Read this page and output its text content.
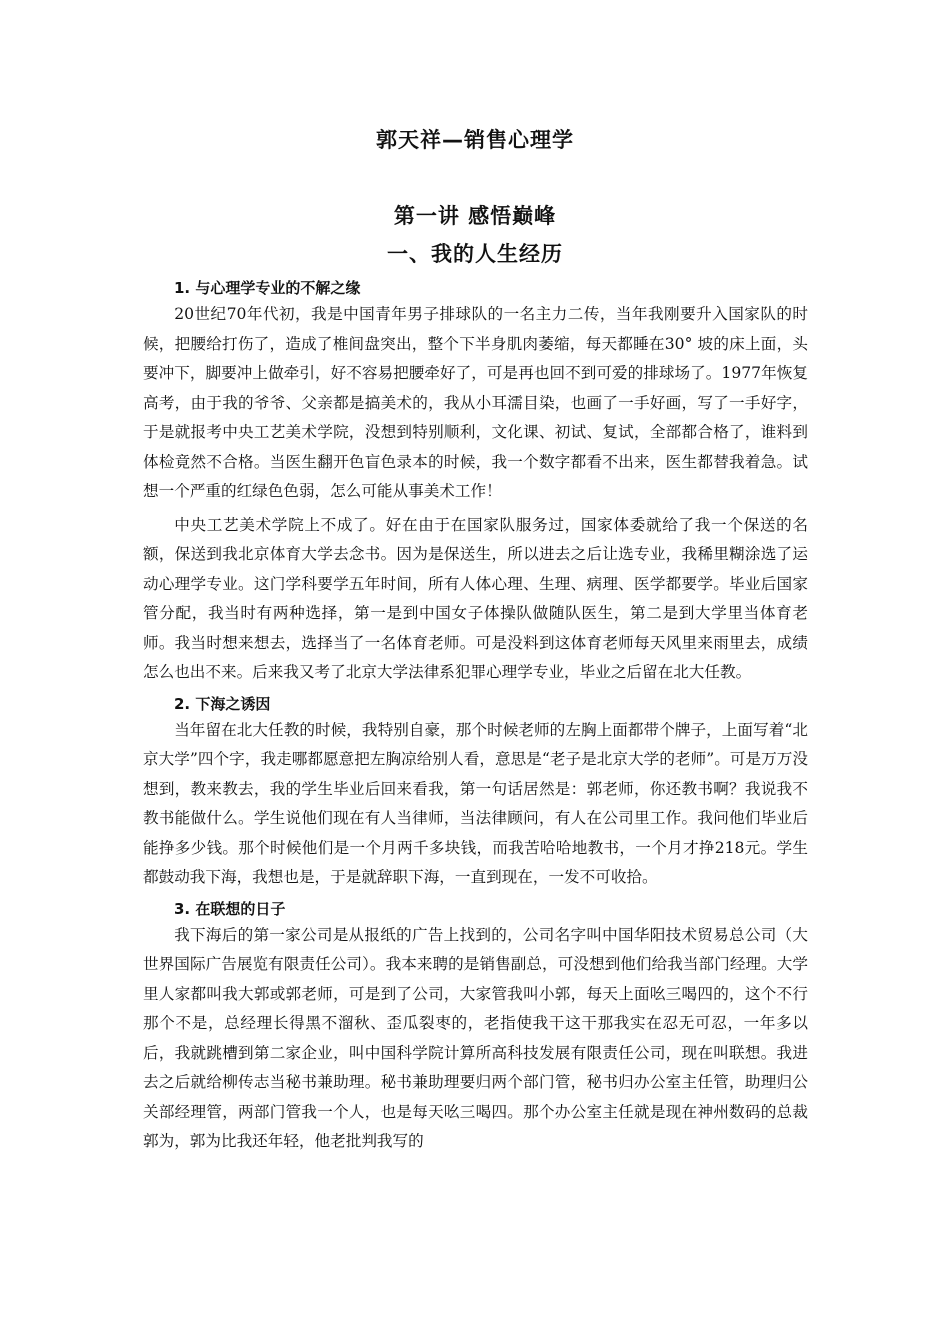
郭天祥—销售心理学
第一讲 感悟巅峰
一、我的人生经历
1. 与心理学专业的不解之缘

20世纪70年代初，我是中国青年男子排球队的一名主力二传，当年我刚要升入国家队的时候，把腰给打伤了，造成了椎间盘突出，整个下半身肌肉萎缩，每天都睡在30° 坡的床上面，头要冲下，脚要冲上做牵引，好不容易把腰牵好了，可是再也回不到可爱的排球场了。1977年恢复高考，由于我的爷爷、父亲都是搞美术的，我从小耳濡目染，也画了一手好画，写了一手好字，于是就报考中央工艺美术学院，没想到特别顺利，文化课、初试、复试，全部都合格了，谁料到体检竟然不合格。当医生翻开色盲色录本的时候，我一个数字都看不出来，医生都替我着急。试想一个严重的红绿色色弱，怎么可能从事美术工作！

中央工艺美术学院上不成了。好在由于在国家队服务过，国家体委就给了我一个保送的名额，保送到我北京体育大学去念书。因为是保送生，所以进去之后让选专业，我稀里糊涂选了运动心理学专业。这门学科要学五年时间，所有人体心理、生理、病理、医学都要学。毕业后国家管分配，我当时有两种选择，第一是到中国女子体操队做随队医生，第二是到大学里当体育老师。我当时想来想去，选择当了一名体育老师。可是没料到这体育老师每天风里来雨里去，成绩怎么也出不来。后来我又考了北京大学法律系犯罪心理学专业，毕业之后留在北大任教。

2. 下海之诱因

当年留在北大任教的时候，我特别自豪，那个时候老师的左胸上面都带个牌子，上面写着“北京大学”四个字，我走哪都愿意把左胸凉给别人看，意思是“老子是北京大学的老师”。可是万万没想到，教来教去，我的学生毕业后回来看我，第一句话居然是：郭老师，你还教书啊？我说我不教书能做什么。学生说他们现在有人当律师，当法律顾问，有人在公司里工作。我问他们毕业后能挣多少钱。那个时候他们是一个月两千多块钱，而我苦哈哈地教书，一个月才挣218元。学生都鼓动我下海，我想也是，于是就辞职下海，一直到现在，一发不可收拾。

3. 在联想的日子

我下海后的第一家公司是从报纸的广告上找到的，公司名字叫中国华阳技术贸易总公司（大世界国际广告展览有限责任公司）。我本来聘的是销售副总，可没想到他们给我当部门经理。大学里人家都叫我大郭或郭老师，可是到了公司，大家管我叫小郭，每天上面吆三喝四的，这个不行那个不是，总经理长得黑不溜秋、歪瓜裂枣的，老指使我干这干那我实在忍无可忍，一年多以后，我就跳槽到第二家企业，叫中国科学院计算所高科技发展有限责任公司，现在叫联想。我进去之后就给柳传志当秘书兼助理。秘书兼助理要归两个部门管，秘书归办公室主任管，助理归公关部经理管，两部门管我一个人，也是每天吆三喝四。那个办公室主任就是现在神州数码的总裁郭为，郭为比我还年轻，他老批判我写的
